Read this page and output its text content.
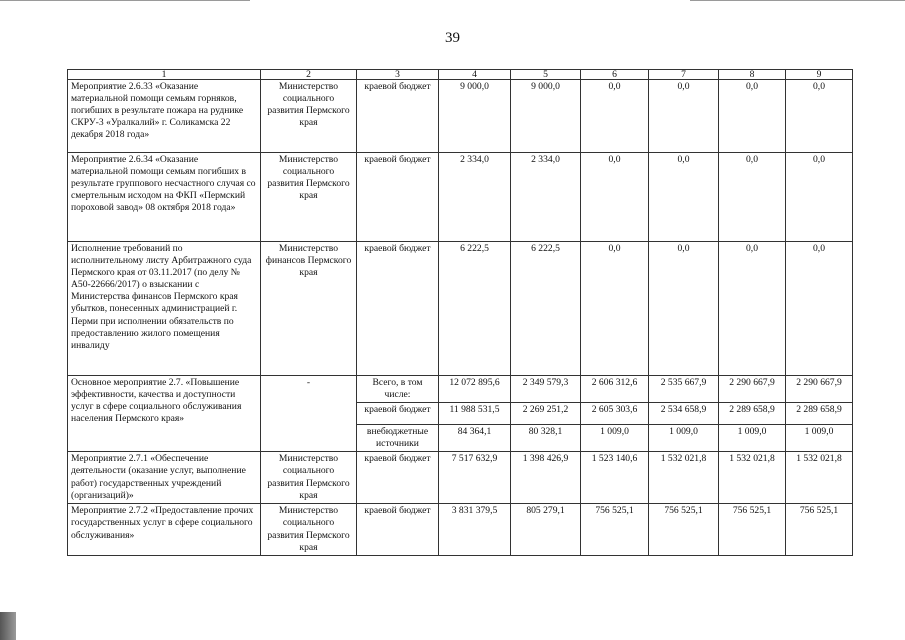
39
1	2	3	4	5	6	7	8	9
Мероприятие 2.6.33 «Оказание материальной помощи семьям горняков, погибших в результате пожара на руднике СКРУ-3 «Уралкалий» г. Соликамска 22 декабря 2018 года»	Министерство социального развития Пермского края	краевой бюджет	9 000,0	9 000,0	0,0	0,0	0,0	0,0
Мероприятие 2.6.34 «Оказание материальной помощи семьям погибших в результате группового несчастного случая со смертельным исходом на ФКП «Пермский пороховой завод» 08 октября 2018 года»	Министерство социального развития Пермского края	краевой бюджет	2 334,0	2 334,0	0,0	0,0	0,0	0,0
Исполнение требований по исполнительному листу Арбитражного суда Пермского края от 03.11.2017 (по делу № А50-22666/2017) о взыскании с Министерства финансов Пермского края убытков, понесенных администрацией г. Перми при исполнении обязательств по предоставлению жилого помещения инвалиду	Министерство финансов Пермского края	краевой бюджет	6 222,5	6 222,5	0,0	0,0	0,0	0,0
Основное мероприятие 2.7. «Повышение эффективности, качества и доступности услуг в сфере социального обслуживания населения Пермского края»	-	Всего, в том числе:	12 072 895,6	2 349 579,3	2 606 312,6	2 535 667,9	2 290 667,9	2 290 667,9
		краевой бюджет	11 988 531,5	2 269 251,2	2 605 303,6	2 534 658,9	2 289 658,9	2 289 658,9
		внебюджетные источники	84 364,1	80 328,1	1 009,0	1 009,0	1 009,0	1 009,0
Мероприятие 2.7.1 «Обеспечение деятельности (оказание услуг, выполнение работ) государственных учреждений (организаций)»	Министерство социального развития Пермского края	краевой бюджет	7 517 632,9	1 398 426,9	1 523 140,6	1 532 021,8	1 532 021,8	1 532 021,8
Мероприятие 2.7.2 «Предоставление прочих государственных услуг в сфере социального обслуживания»	Министерство социального развития Пермского края	краевой бюджет	3 831 379,5	805 279,1	756 525,1	756 525,1	756 525,1	756 525,1
